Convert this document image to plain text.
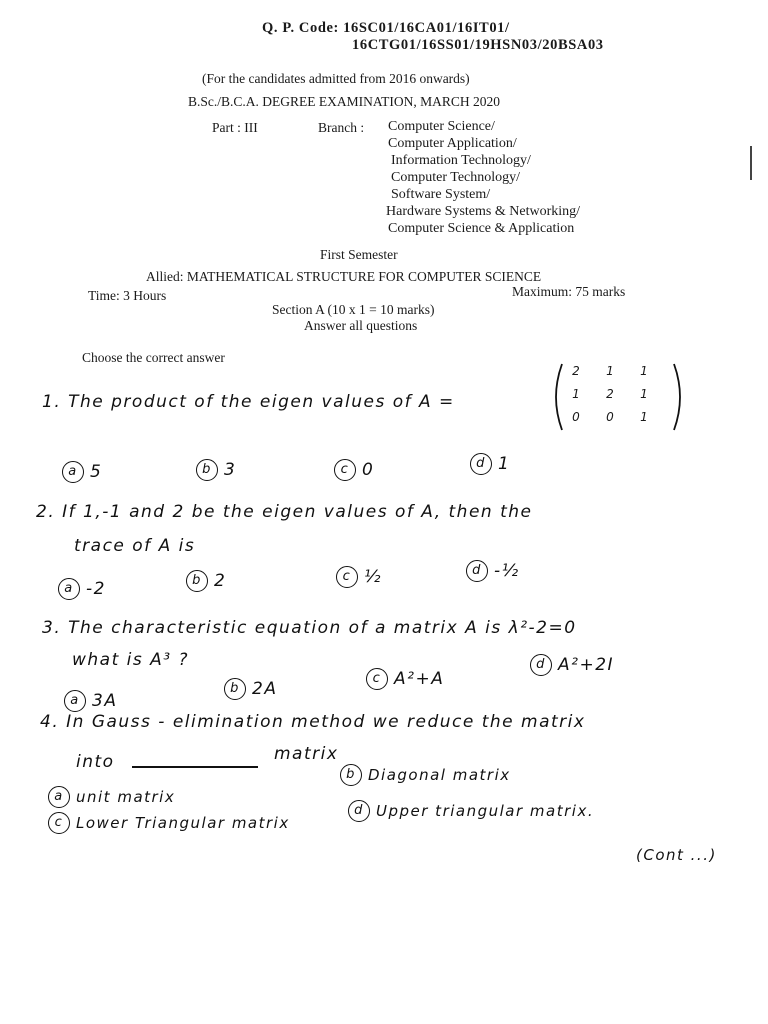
Q. P. Code: 16SC01/16CA01/16IT01/
16CTG01/16SS01/19HSN03/20BSA03
(For the candidates admitted from 2016 onwards)
B.Sc./B.C.A. DEGREE EXAMINATION, MARCH 2020
Part : III	Branch : Computer Science/
Computer Application/
Information Technology/
Computer Technology/
Software System/
Hardware Systems & Networking/
Computer Science & Application
First Semester
Allied: MATHEMATICAL STRUCTURE FOR COMPUTER SCIENCE
Time: 3 Hours	Maximum: 75 marks
Section A (10 x 1 = 10 marks)
Answer all questions
Choose the correct answer
1. The product of the eigen values of A =
2	1	1
1	2	1
0	0	1
a 5	b 3	c 0	d 1
2. If 1,-1 and 2 be the eigen values of A, then the
trace of A is
a -2	b 2	c ½	d -½
3. The characteristic equation of a matrix A is λ²-2=0
what is A³ ?
a 3A
b 2A
c A²+A
d A²+2I
4. In Gauss - elimination method we reduce the matrix
into	matrix
a unit matrix
b Diagonal matrix
c Lower Triangular matrix
d Upper triangular matrix.
(Cont ...)
